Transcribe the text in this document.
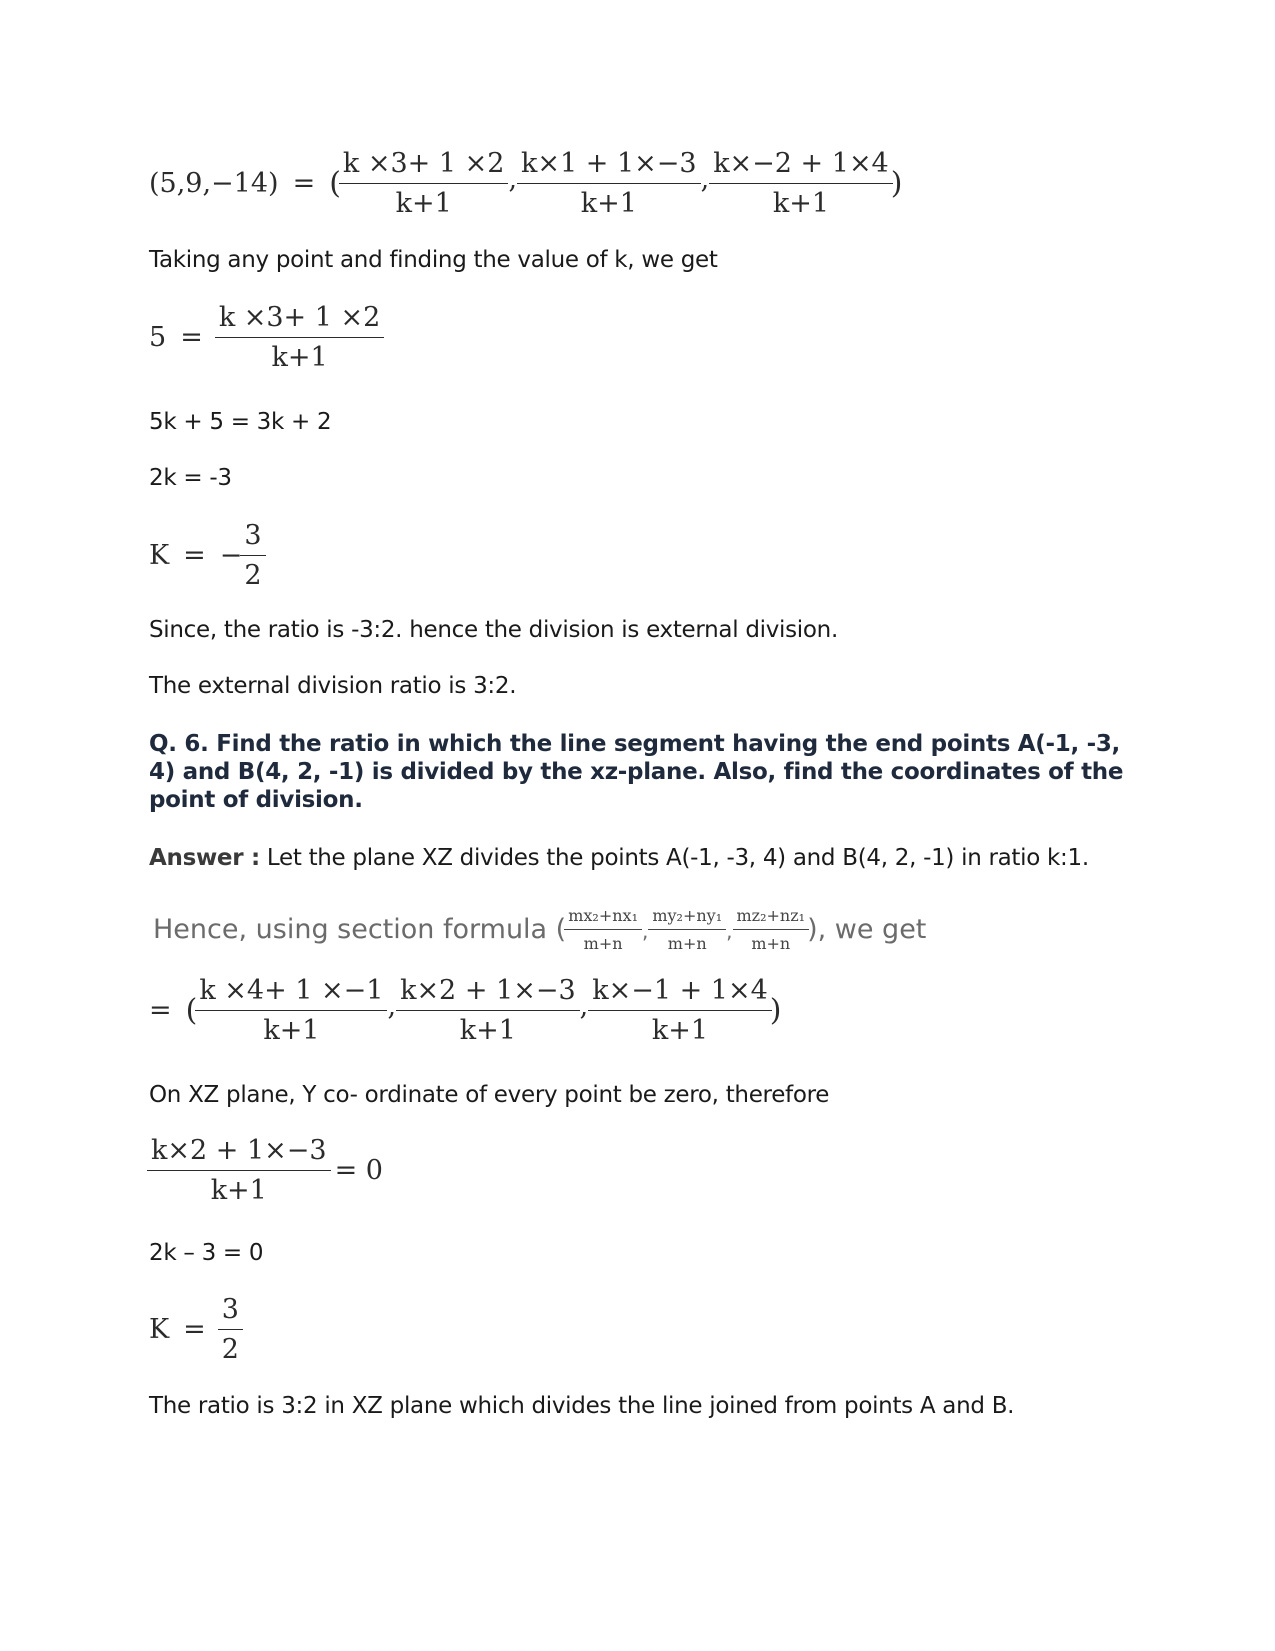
(5,9,−14) = ( $\frac{k \times 3+ 1 \times 2}{k+1}$ , $\frac{k\times 1 + 1\times-3}{k+1}$ , $\frac{k\times-2 + 1\times 4}{k+1}$ )
Taking any point and finding the value of k, we get
$5 = \frac{k \times 3+ 1 \times 2}{k+1}$
5k + 5 = 3k + 2
2k = -3
K = − $\frac{3}{2}$
Since, the ratio is -3:2. hence the division is external division.
The external division ratio is 3:2.
Q. 6. Find the ratio in which the line segment having the end points A(-1, -3, 4) and B(4, 2, -1) is divided by the xz-plane. Also, find the coordinates of the point of division.
Answer : Let the plane XZ divides the points A(-1, -3, 4) and B(4, 2, -1) in ratio k:1.
Hence, using section formula ( $\frac{\text{mx₂+nx₁}}{m+n}$ , $\frac{\text{my₂+ny₁}}{m+n}$ , $\frac{\text{mz₂+nz₁}}{m+n}$ ), we get
= ( $\frac{k \times 4+ 1 \times-1}{k+1}$ , $\frac{k\times 2 + 1\times-3}{k+1}$ , $\frac{k\times-1 + 1\times 4}{k+1}$ )
On XZ plane, Y co- ordinate of every point be zero, therefore
$\frac{k\times 2 + 1\times-3}{k+1} = 0$
2k – 3 = 0
$K = \frac{3}{2}$
The ratio is 3:2 in XZ plane which divides the line joined from points A and B.
